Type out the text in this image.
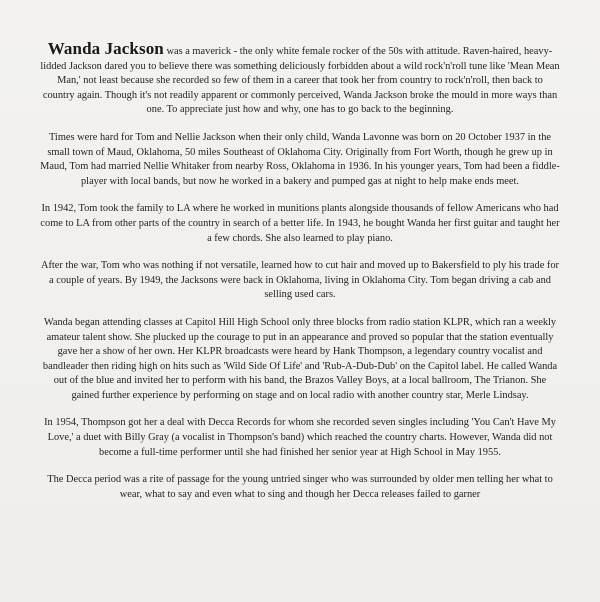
Wanda Jackson was a maverick - the only white female rocker of the 50s with attitude. Raven-haired, heavy-lidded Jackson dared you to believe there was something deliciously forbidden about a wild rock'n'roll tune like 'Mean Mean Man,' not least because she recorded so few of them in a career that took her from country to rock'n'roll, then back to country again. Though it's not readily apparent or commonly perceived, Wanda Jackson broke the mould in more ways than one. To appreciate just how and why, one has to go back to the beginning.

Times were hard for Tom and Nellie Jackson when their only child, Wanda Lavonne was born on 20 October 1937 in the small town of Maud, Oklahoma, 50 miles Southeast of Oklahoma City. Originally from Fort Worth, though he grew up in Maud, Tom had married Nellie Whitaker from nearby Ross, Oklahoma in 1936. In his younger years, Tom had been a fiddle-player with local bands, but now he worked in a bakery and pumped gas at night to help make ends meet.

In 1942, Tom took the family to LA where he worked in munitions plants alongside thousands of fellow Americans who had come to LA from other parts of the country in search of a better life. In 1943, he bought Wanda her first guitar and taught her a few chords. She also learned to play piano.

After the war, Tom who was nothing if not versatile, learned how to cut hair and moved up to Bakersfield to ply his trade for a couple of years. By 1949, the Jacksons were back in Oklahoma, living in Oklahoma City. Tom began driving a cab and selling used cars.

Wanda began attending classes at Capitol Hill High School only three blocks from radio station KLPR, which ran a weekly amateur talent show. She plucked up the courage to put in an appearance and proved so popular that the station eventually gave her a show of her own. Her KLPR broadcasts were heard by Hank Thompson, a legendary country vocalist and bandleader then riding high on hits such as 'Wild Side Of Life' and 'Rub-A-Dub-Dub' on the Capitol label. He called Wanda out of the blue and invited her to perform with his band, the Brazos Valley Boys, at a local ballroom, The Trianon. She gained further experience by performing on stage and on local radio with another country star, Merle Lindsay.

In 1954, Thompson got her a deal with Decca Records for whom she recorded seven singles including 'You Can't Have My Love,' a duet with Billy Gray (a vocalist in Thompson's band) which reached the country charts. However, Wanda did not become a full-time performer until she had finished her senior year at High School in May 1955.

The Decca period was a rite of passage for the young untried singer who was surrounded by older men telling her what to wear, what to say and even what to sing and though her Decca releases failed to garner
